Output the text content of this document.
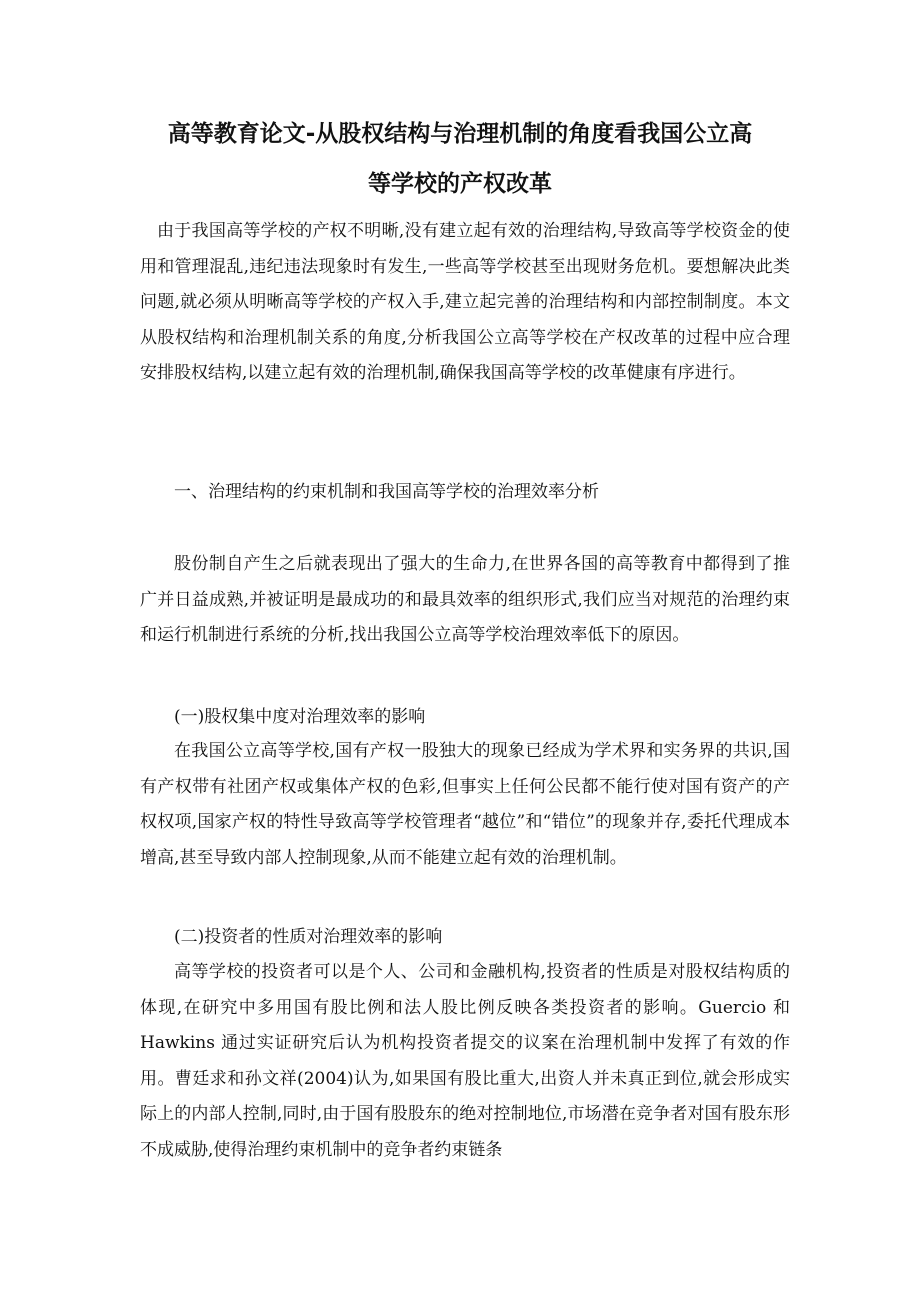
高等教育论文-从股权结构与治理机制的角度看我国公立高
等学校的产权改革

由于我国高等学校的产权不明晰,没有建立起有效的治理结构,导致高等学校资金的使用和管理混乱,违纪违法现象时有发生,一些高等学校甚至出现财务危机。要想解决此类问题,就必须从明晰高等学校的产权入手,建立起完善的治理结构和内部控制制度。本文从股权结构和治理机制关系的角度,分析我国公立高等学校在产权改革的过程中应合理安排股权结构,以建立起有效的治理机制,确保我国高等学校的改革健康有序进行。

一、治理结构的约束机制和我国高等学校的治理效率分析

股份制自产生之后就表现出了强大的生命力,在世界各国的高等教育中都得到了推广并日益成熟,并被证明是最成功的和最具效率的组织形式,我们应当对规范的治理约束和运行机制进行系统的分析,找出我国公立高等学校治理效率低下的原因。

(一)股权集中度对治理效率的影响

在我国公立高等学校,国有产权一股独大的现象已经成为学术界和实务界的共识,国有产权带有社团产权或集体产权的色彩,但事实上任何公民都不能行使对国有资产的产权权项,国家产权的特性导致高等学校管理者“越位”和“错位”的现象并存,委托代理成本增高,甚至导致内部人控制现象,从而不能建立起有效的治理机制。

(二)投资者的性质对治理效率的影响

高等学校的投资者可以是个人、公司和金融机构,投资者的性质是对股权结构质的体现,在研究中多用国有股比例和法人股比例反映各类投资者的影响。Guercio 和 Hawkins 通过实证研究后认为机构投资者提交的议案在治理机制中发挥了有效的作用。曹廷求和孙文祥(2004)认为,如果国有股比重大,出资人并未真正到位,就会形成实际上的内部人控制,同时,由于国有股股东的绝对控制地位,市场潜在竞争者对国有股东形不成威胁,使得治理约束机制中的竞争者约束链条
